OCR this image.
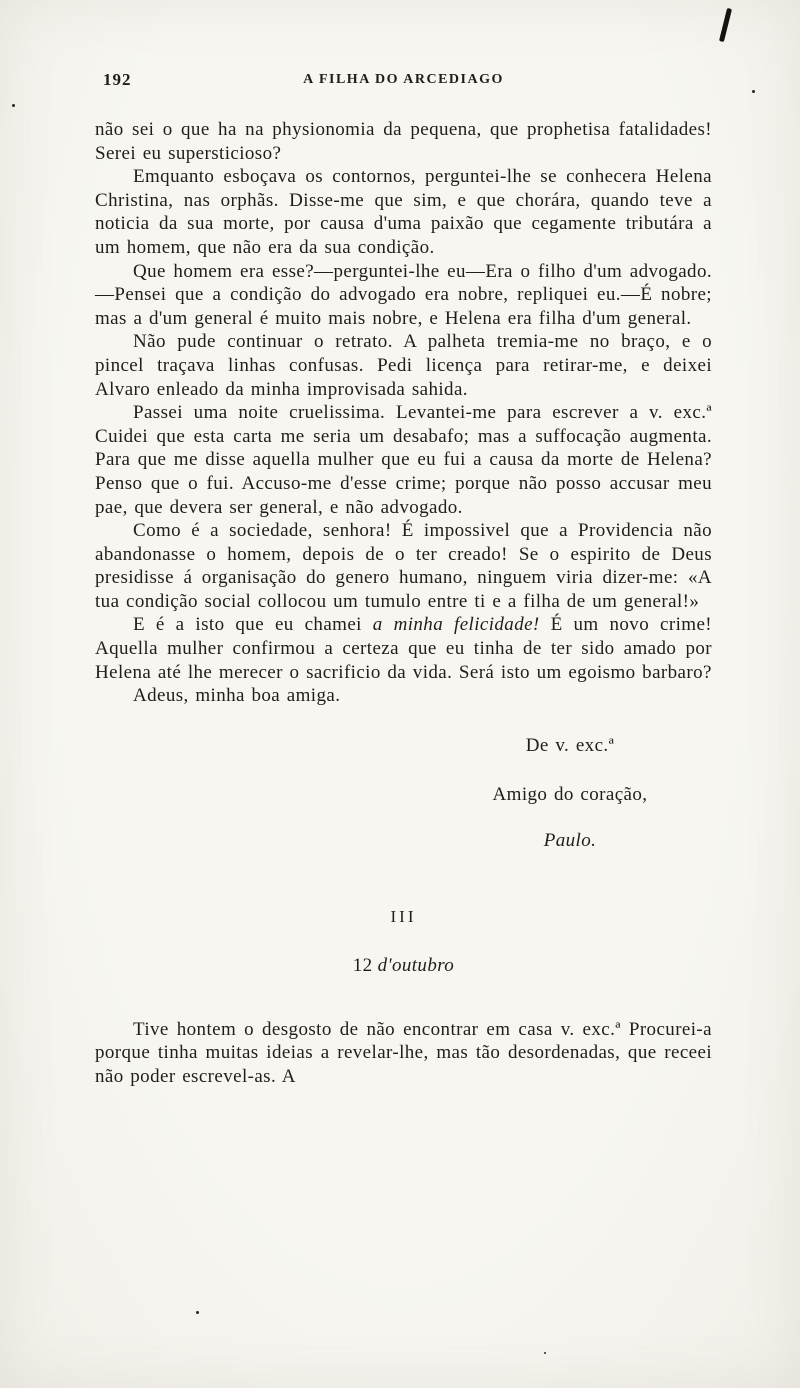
192	A FILHA DO ARCEDIAGO

não sei o que ha na physionomia da pequena, que prophetisa fatalidades! Serei eu supersticioso?

Emquanto esboçava os contornos, perguntei-lhe se conhecera Helena Christina, nas orphãs. Disse-me que sim, e que chorára, quando teve a noticia da sua morte, por causa d'uma paixão que cegamente tributára a um homem, que não era da sua condição.

Que homem era esse?—perguntei-lhe eu—Era o filho d'um advogado.—Pensei que a condição do advogado era nobre, repliquei eu.—É nobre; mas a d'um general é muito mais nobre, e Helena era filha d'um general.

Não pude continuar o retrato. A palheta tremia-me no braço, e o pincel traçava linhas confusas. Pedi licença para retirar-me, e deixei Alvaro enleado da minha improvisada sahida.

Passei uma noite cruelissima. Levantei-me para escrever a v. exc.ª Cuidei que esta carta me seria um desabafo; mas a suffocação augmenta. Para que me disse aquella mulher que eu fui a causa da morte de Helena? Penso que o fui. Accuso-me d'esse crime; porque não posso accusar meu pae, que devera ser general, e não advogado.

Como é a sociedade, senhora! É impossivel que a Providencia não abandonasse o homem, depois de o ter creado! Se o espirito de Deus presidisse á organisação do genero humano, ninguem viria dizer-me: «A tua condição social collocou um tumulo entre ti e a filha de um general!»

E é a isto que eu chamei a minha felicidade! É um novo crime! Aquella mulher confirmou a certeza que eu tinha de ter sido amado por Helena até lhe merecer o sacrificio da vida. Será isto um egoismo barbaro?

Adeus, minha boa amiga.

De v. exc.ª

Amigo do coração,

Paulo.

III
12 d'outubro

Tive hontem o desgosto de não encontrar em casa v. exc.ª Procurei-a porque tinha muitas ideias a revelar-lhe, mas tão desordenadas, que receei não poder escrevel-as. A
